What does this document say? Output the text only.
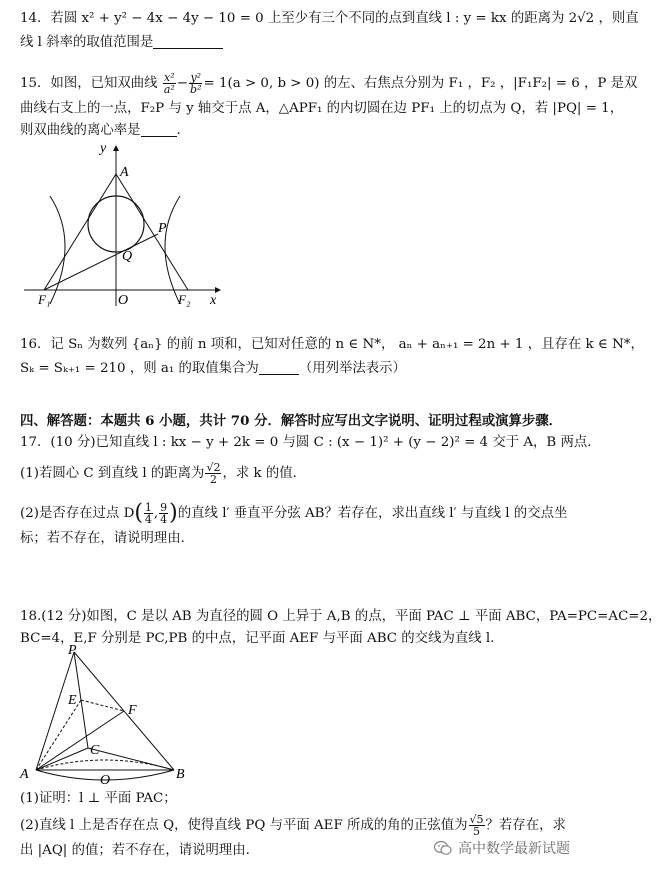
14．若圆 x² + y² − 4x − 4y − 10 = 0 上至少有三个不同的点到直线 l : y = kx 的距离为 2√2 ，则直
线 l 斜率的取值范围是
15．如图，已知双曲线 $\frac{\text{x²}}{\text{a²}} - \frac{\text{y²}}{\text{b²}} = 1(a > 0$, b > 0) 的左、右焦点分别为 F₁ ，F₂ ，|F₁F₂| = 6 ，P 是双
曲线右支上的一点，F₂P 与 y 轴交于点 A，△APF₁ 的内切圆在边 PF₁ 上的切点为 Q，若 |PQ| = 1，
则双曲线的离心率是	.
y
A
P
Q
F₁	O	F₂ x
16．记 Sₙ 为数列 {aₙ} 的前 n 项和，已知对任意的 n ∈ N*， aₙ + aₙ₊₁ = 2n + 1 ，且存在 k ∈ N*，
Sₖ = Sₖ₊₁ = 210 ，则 a₁ 的取值集合为	（用列举法表示）
四、解答题：本题共 6 小题，共计 70 分．解答时应写出文字说明、证明过程或演算步骤．
17．(10 分)已知直线 l : kx − y + 2k = 0 与圆 C : (x − 1)² + (y − 2)² = 4 交于 A，B 两点．
(1)若圆心 C 到直线 l 的距离为 $\frac{√2}{2}$ ，求 k 的值．
(2)是否存在过点 $D( \frac{1}{4}$ , $\frac{9}{4}$ )的直线 l′ 垂直平分弦 AB？若存在，求出直线 l′ 与直线 l 的交点坐
标；若不存在，请说明理由．
18.(12 分)如图，C 是以 AB 为直径的圆 O 上异于 A,B 的点，平面 PAC ⊥ 平面 ABC，PA=PC=AC=2，
BC=4，E,F 分别是 PC,PB 的中点，记平面 AEF 与平面 ABC 的交线为直线 l.
P
E
F
C
A	O	B
(1)证明：l ⊥ 平面 PAC；
(2)直线 l 上是否存在点 Q，使得直线 PQ 与平面 AEF 所成的角的正弦值为 $\frac{√5}{5}$ ？若存在，求
出 |AQ| 的值；若不存在，请说明理由.	高中数学最新试题
